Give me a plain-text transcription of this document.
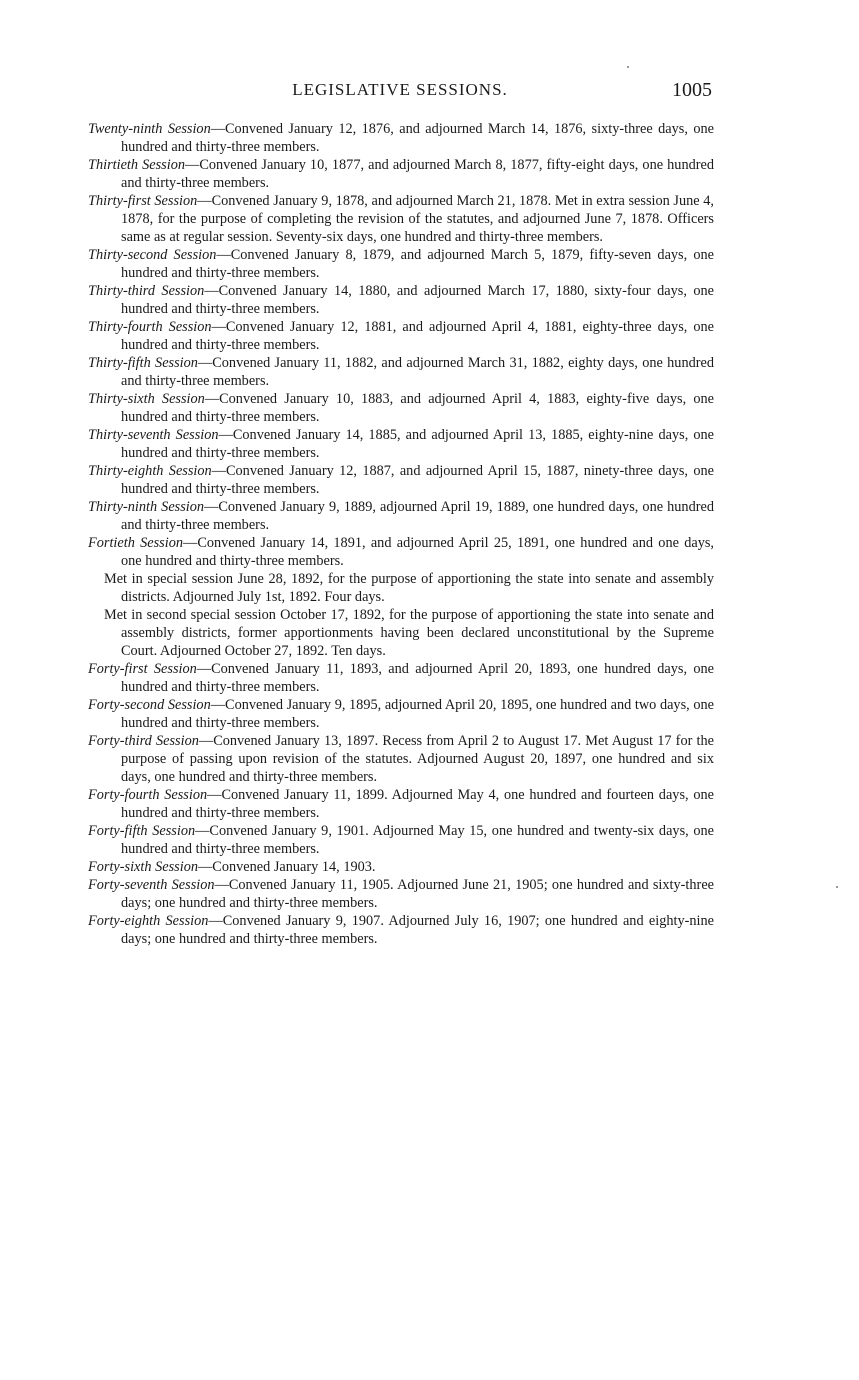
LEGISLATIVE SESSIONS.	1005
Twenty-ninth Session—Convened January 12, 1876, and adjourned March 14, 1876, sixty-three days, one hundred and thirty-three members.
Thirtieth Session—Convened January 10, 1877, and adjourned March 8, 1877, fifty-eight days, one hundred and thirty-three members.
Thirty-first Session—Convened January 9, 1878, and adjourned March 21, 1878. Met in extra session June 4, 1878, for the purpose of completing the revision of the statutes, and adjourned June 7, 1878. Officers same as at regular session. Seventy-six days, one hundred and thirty-three members.
Thirty-second Session—Convened January 8, 1879, and adjourned March 5, 1879, fifty-seven days, one hundred and thirty-three members.
Thirty-third Session—Convened January 14, 1880, and adjourned March 17, 1880, sixty-four days, one hundred and thirty-three members.
Thirty-fourth Session—Convened January 12, 1881, and adjourned April 4, 1881, eighty-three days, one hundred and thirty-three members.
Thirty-fifth Session—Convened January 11, 1882, and adjourned March 31, 1882, eighty days, one hundred and thirty-three members.
Thirty-sixth Session—Convened January 10, 1883, and adjourned April 4, 1883, eighty-five days, one hundred and thirty-three members.
Thirty-seventh Session—Convened January 14, 1885, and adjourned April 13, 1885, eighty-nine days, one hundred and thirty-three members.
Thirty-eighth Session—Convened January 12, 1887, and adjourned April 15, 1887, ninety-three days, one hundred and thirty-three members.
Thirty-ninth Session—Convened January 9, 1889, adjourned April 19, 1889, one hundred days, one hundred and thirty-three members.
Fortieth Session—Convened January 14, 1891, and adjourned April 25, 1891, one hundred and one days, one hundred and thirty-three members.
Met in special session June 28, 1892, for the purpose of apportioning the state into senate and assembly districts. Adjourned July 1st, 1892. Four days.
Met in second special session October 17, 1892, for the purpose of apportioning the state into senate and assembly districts, former apportionments having been declared unconstitutional by the Supreme Court. Adjourned October 27, 1892. Ten days.
Forty-first Session—Convened January 11, 1893, and adjourned April 20, 1893, one hundred days, one hundred and thirty-three members.
Forty-second Session—Convened January 9, 1895, adjourned April 20, 1895, one hundred and two days, one hundred and thirty-three members.
Forty-third Session—Convened January 13, 1897. Recess from April 2 to August 17. Met August 17 for the purpose of passing upon revision of the statutes. Adjourned August 20, 1897, one hundred and six days, one hundred and thirty-three members.
Forty-fourth Session—Convened January 11, 1899. Adjourned May 4, one hundred and fourteen days, one hundred and thirty-three members.
Forty-fifth Session—Convened January 9, 1901. Adjourned May 15, one hundred and twenty-six days, one hundred and thirty-three members.
Forty-sixth Session—Convened January 14, 1903.
Forty-seventh Session—Convened January 11, 1905. Adjourned June 21, 1905; one hundred and sixty-three days; one hundred and thirty-three members.
Forty-eighth Session—Convened January 9, 1907. Adjourned July 16, 1907; one hundred and eighty-nine days; one hundred and thirty-three members.
